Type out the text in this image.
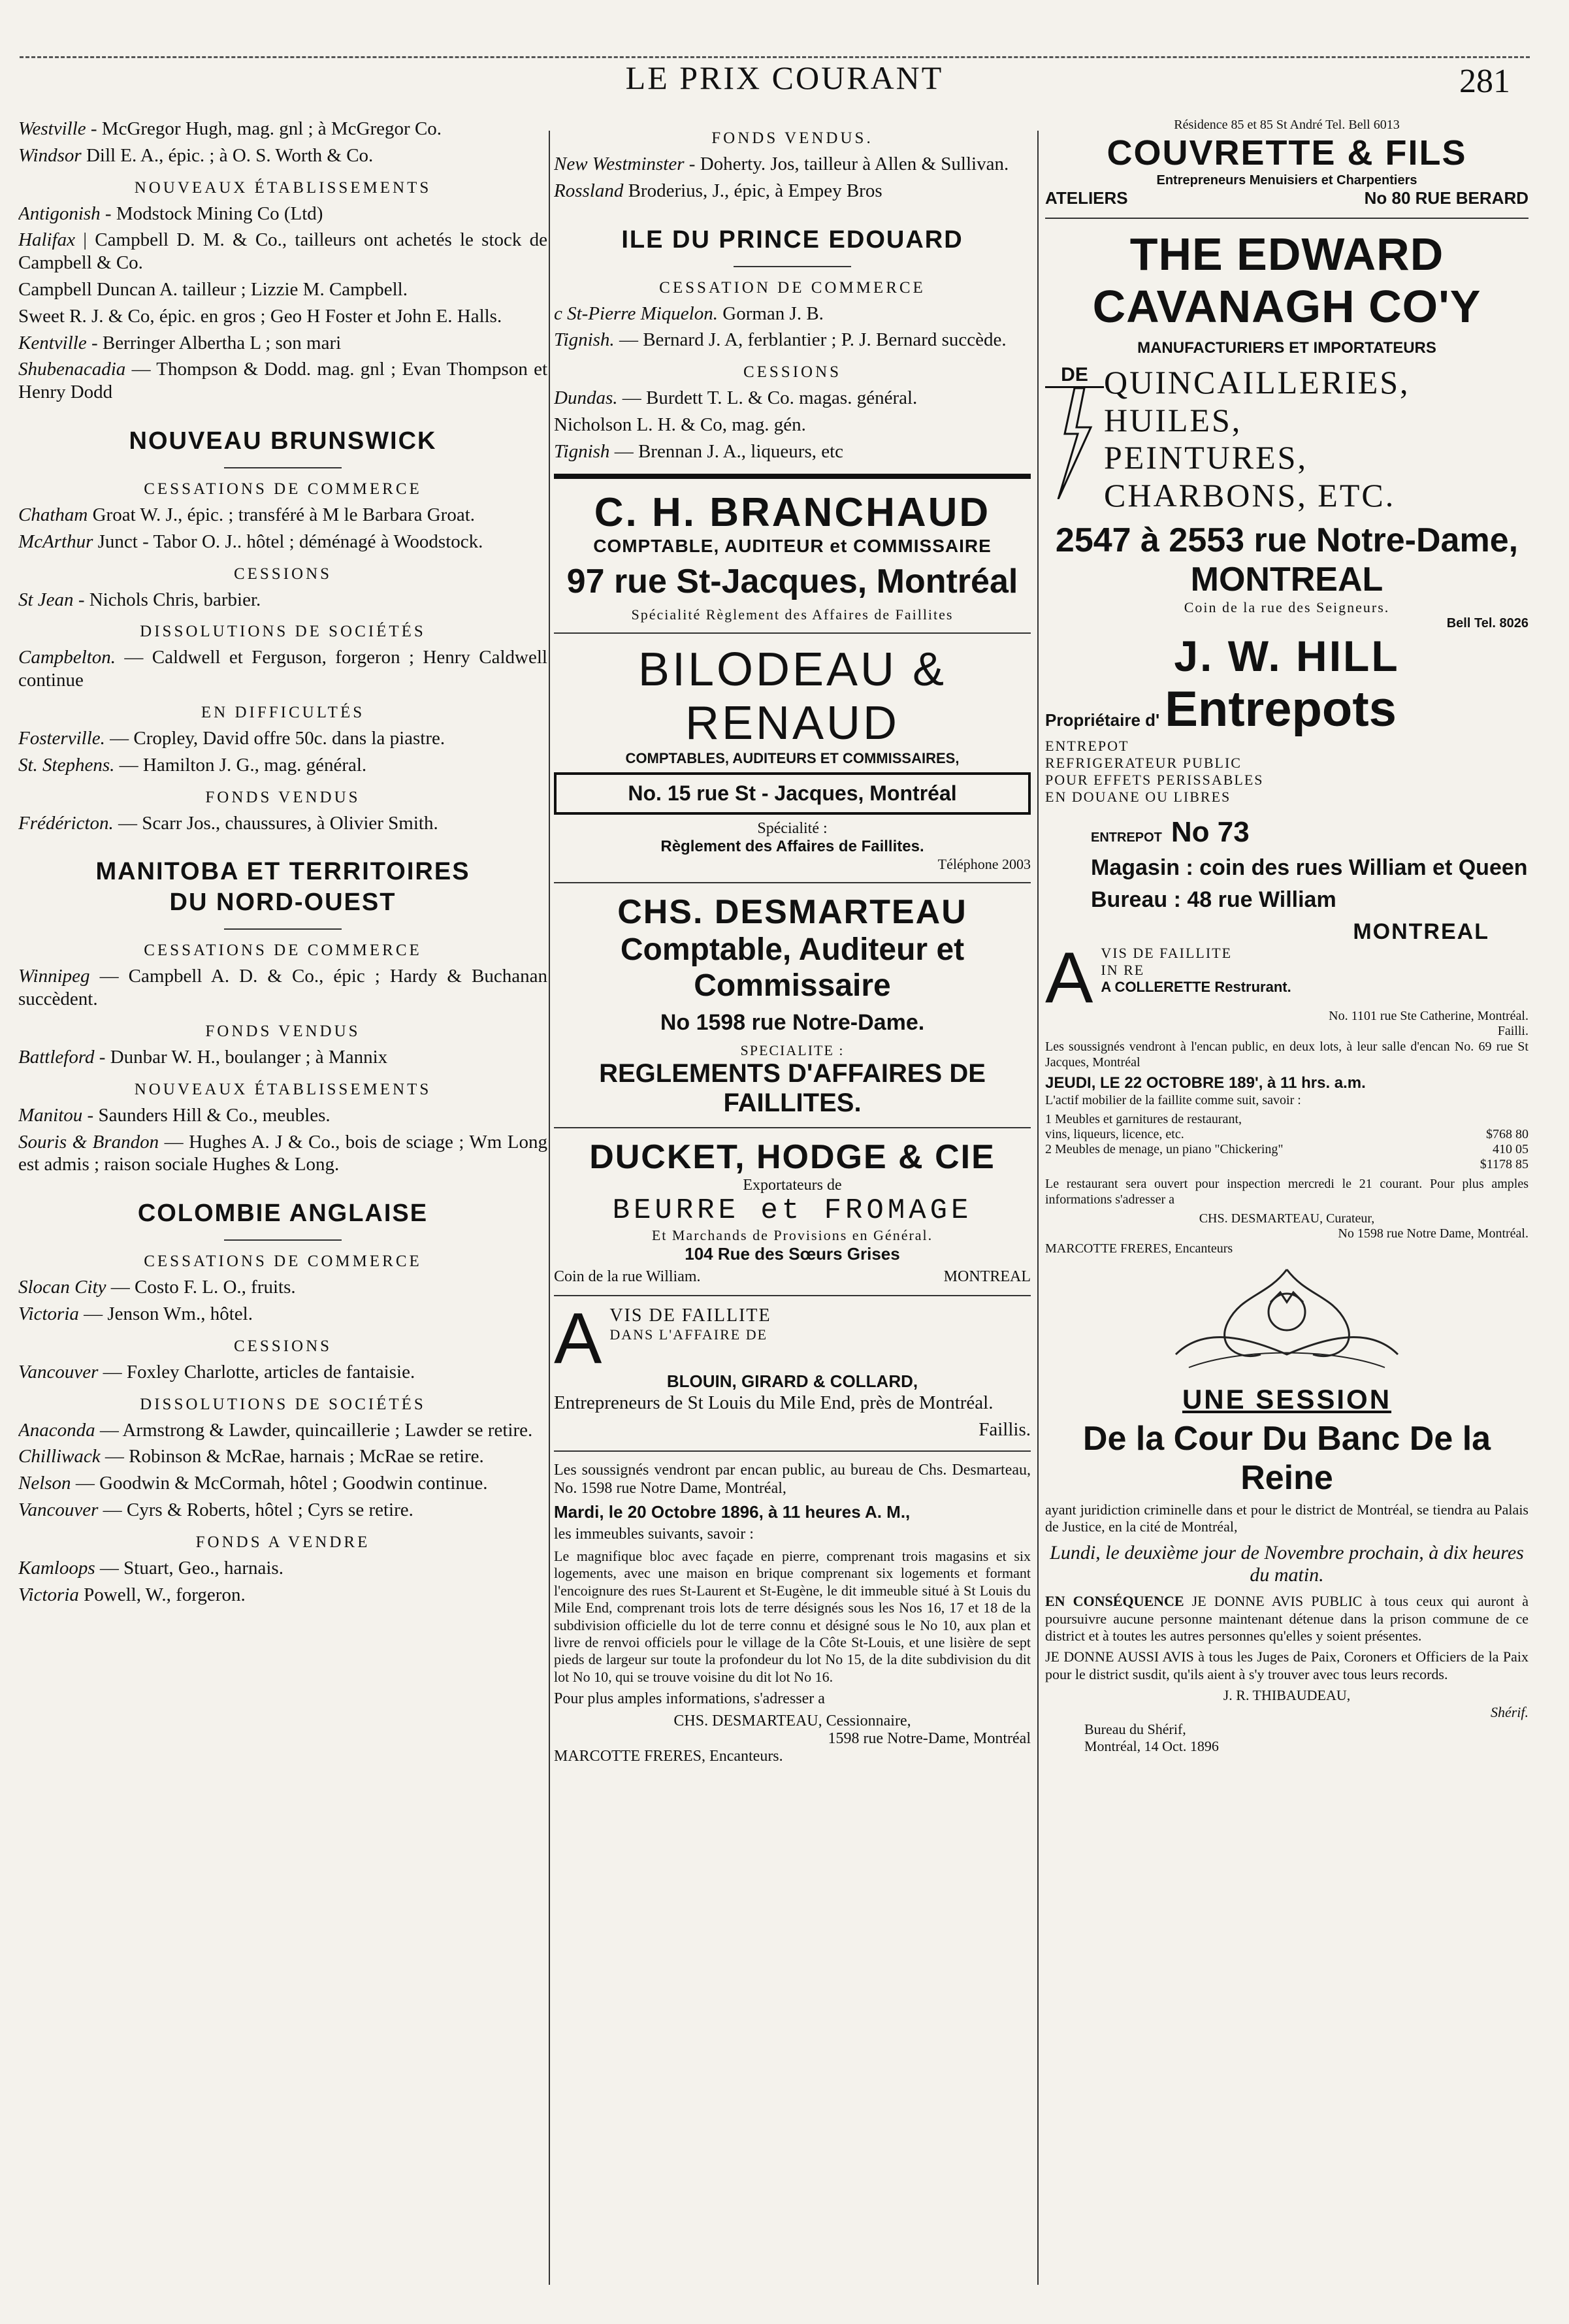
LE PRIX COURANT	281
Westville - McGregor Hugh, mag. gnl ; à McGregor Co.
Windsor Dill E. A., épic. ; à O. S. Worth & Co.
NOUVEAUX ÉTABLISSEMENTS
Antigonish - Modstock Mining Co (Ltd)
Halifax | Campbell D. M. & Co., tailleurs ont achetés le stock de Campbell & Co.
Campbell Duncan A. tailleur ; Lizzie M. Campbell.
Sweet R. J. & Co, épic. en gros ; Geo H Foster et John E. Halls.
Kentville - Berringer Albertha L ; son mari
Shubenacadia — Thompson & Dodd. mag. gnl ; Evan Thompson et Henry Dodd
NOUVEAU BRUNSWICK
CESSATIONS DE COMMERCE
Chatham Groat W. J., épic. ; transféré à M le Barbara Groat.
McArthur Junct - Tabor O. J.. hôtel ; déménagé à Woodstock.
CESSIONS
St Jean - Nichols Chris, barbier.
DISSOLUTIONS DE SOCIÉTÉS
Campbelton. — Caldwell et Ferguson, forgeron ; Henry Caldwell continue
EN DIFFICULTÉS
Fosterville. — Cropley, David offre 50c. dans la piastre.
St. Stephens. — Hamilton J. G., mag. général.
FONDS VENDUS
Frédéricton. — Scarr Jos., chaussures, à Olivier Smith.
MANITOBA ET TERRITOIRES
DU NORD-OUEST
CESSATIONS DE COMMERCE
Winnipeg — Campbell A. D. & Co., épic ; Hardy & Buchanan succèdent.
FONDS VENDUS
Battleford - Dunbar W. H., boulanger ; à Mannix
NOUVEAUX ÉTABLISSEMENTS
Manitou - Saunders Hill & Co., meubles.
Souris & Brandon — Hughes A. J & Co., bois de sciage ; Wm Long est admis ; raison sociale Hughes & Long.
COLOMBIE ANGLAISE
CESSATIONS DE COMMERCE
Slocan City — Costo F. L. O., fruits.
Victoria — Jenson Wm., hôtel.
CESSIONS
Vancouver — Foxley Charlotte, articles de fantaisie.
DISSOLUTIONS DE SOCIÉTÉS
Anaconda — Armstrong & Lawder, quincaillerie ; Lawder se retire.
Chilliwack — Robinson & McRae, harnais ; McRae se retire.
Nelson — Goodwin & McCormah, hôtel ; Goodwin continue.
Vancouver — Cyrs & Roberts, hôtel ; Cyrs se retire.
FONDS A VENDRE
Kamloops — Stuart, Geo., harnais.
Victoria Powell, W., forgeron.
FONDS VENDUS.
New Westminster - Doherty. Jos, tailleur à Allen & Sullivan.
Rossland Broderius, J., épic, à Empey Bros
ILE DU PRINCE EDOUARD
CESSATION DE COMMERCE
c St-Pierre Miquelon. Gorman J. B.
Tignish. — Bernard J. A, ferblantier ; P. J. Bernard succède.
CESSIONS
Dundas. — Burdett T. L. & Co. magas. général.
Nicholson L. H. & Co, mag. gén.
Tignish — Brennan J. A., liqueurs, etc
C. H. BRANCHAUD
COMPTABLE, AUDITEUR et COMMISSAIRE
97 rue St-Jacques, Montréal
Spécialité Règlement des Affaires de Faillites
BILODEAU & RENAUD
COMPTABLES, AUDITEURS ET COMMISSAIRES,
No. 15 rue St - Jacques, Montréal
Spécialité :
Règlement des Affaires de Faillites.
Téléphone 2003
CHS. DESMARTEAU
Comptable, Auditeur et Commissaire
No 1598 rue Notre-Dame.
SPECIALITE :
REGLEMENTS D'AFFAIRES DE FAILLITES.
DUCKET, HODGE & CIE
Exportateurs de
BEURRE et FROMAGE
Et Marchands de Provisions en Général.
104 Rue des Sœurs Grises
Coin de la rue William.	MONTREAL
A VIS DE FAILLITE
DANS L'AFFAIRE DE
BLOUIN, GIRARD & COLLARD,
Entrepreneurs de St Louis du Mile End, près de Montréal.
Faillis.
Les soussignés vendront par encan public, au bureau de Chs. Desmarteau, No. 1598 rue Notre Dame, Montréal,
Mardi, le 20 Octobre 1896, à 11 heures A. M.,
les immeubles suivants, savoir :
Le magnifique bloc avec façade en pierre, comprenant trois magasins et six logements, avec une maison en brique comprenant six logements et formant l'encoignure des rues St-Laurent et St-Eugène, le dit immeuble situé à St Louis du Mile End, comprenant trois lots de terre désignés sous les Nos 16, 17 et 18 de la subdivision officielle du lot de terre connu et désigné sous le No 10, aux plan et livre de renvoi officiels pour le village de la Côte St-Louis, et une lisière de sept pieds de largeur sur toute la profondeur du lot No 15, de la dite subdivision du dit lot No 10, qui se trouve voisine du dit lot No 16.
Pour plus amples informations, s'adresser a
CHS. DESMARTEAU, Cessionnaire,
1598 rue Notre-Dame, Montréal
MARCOTTE FRERES, Encanteurs.
Résidence 85 et 85 St André Tel. Bell 6013
COUVRETTE & FILS
Entrepreneurs Menuisiers et Charpentiers
ATELIERS	No 80 RUE BERARD
THE EDWARD CAVANAGH CO'Y
MANUFACTURIERS ET IMPORTATEURS
DE QUINCAILLERIES,
HUILES,
PEINTURES,
CHARBONS, ETC.
2547 à 2553 rue Notre-Dame, MONTREAL
Coin de la rue des Seigneurs.
Bell Tel. 8026
J. W. HILL
Propriétaire d' Entrepots
ENTREPOT
REFRIGERATEUR PUBLIC
POUR EFFETS PERISSABLES
EN DOUANE OU LIBRES
ENTREPOT No 73
Magasin : coin des rues William et Queen
Bureau : 48 rue William
MONTREAL
A VIS DE FAILLITE
IN RE
A COLLERETTE Restrurant.
No. 1101 rue Ste Catherine, Montréal.
Failli.
Les soussignés vendront à l'encan public, en deux lots, à leur salle d'encan No. 69 rue St Jacques, Montréal
JEUDI, LE 22 OCTOBRE 189', à 11 hrs. a.m.
L'actif mobilier de la faillite comme suit, savoir :
1 Meubles et garnitures de restaurant,
vins, liqueurs, licence, etc.	$768 80
2 Meubles de menage, un piano "Chickering"	410 05
$1178 85
Le restaurant sera ouvert pour inspection mercredi le 21 courant. Pour plus amples informations s'adresser a
CHS. DESMARTEAU, Curateur,
No 1598 rue Notre Dame, Montréal.
MARCOTTE FRERES, Encanteurs
UNE SESSION
De la Cour Du Banc De la Reine
ayant juridiction criminelle dans et pour le district de Montréal, se tiendra au Palais de Justice, en la cité de Montréal,
Lundi, le deuxième jour de Novembre prochain, à dix heures du matin.
EN CONSÉQUENCE JE DONNE AVIS PUBLIC à tous ceux qui auront à poursuivre aucune personne maintenant détenue dans la prison commune de ce district et à toutes les autres personnes qu'elles y soient présentes.
JE DONNE AUSSI AVIS à tous les Juges de Paix, Coroners et Officiers de la Paix pour le district susdit, qu'ils aient à s'y trouver avec tous leurs records.
J. R. THIBAUDEAU,
Shérif.
Bureau du Shérif,
Montréal, 14 Oct. 1896
